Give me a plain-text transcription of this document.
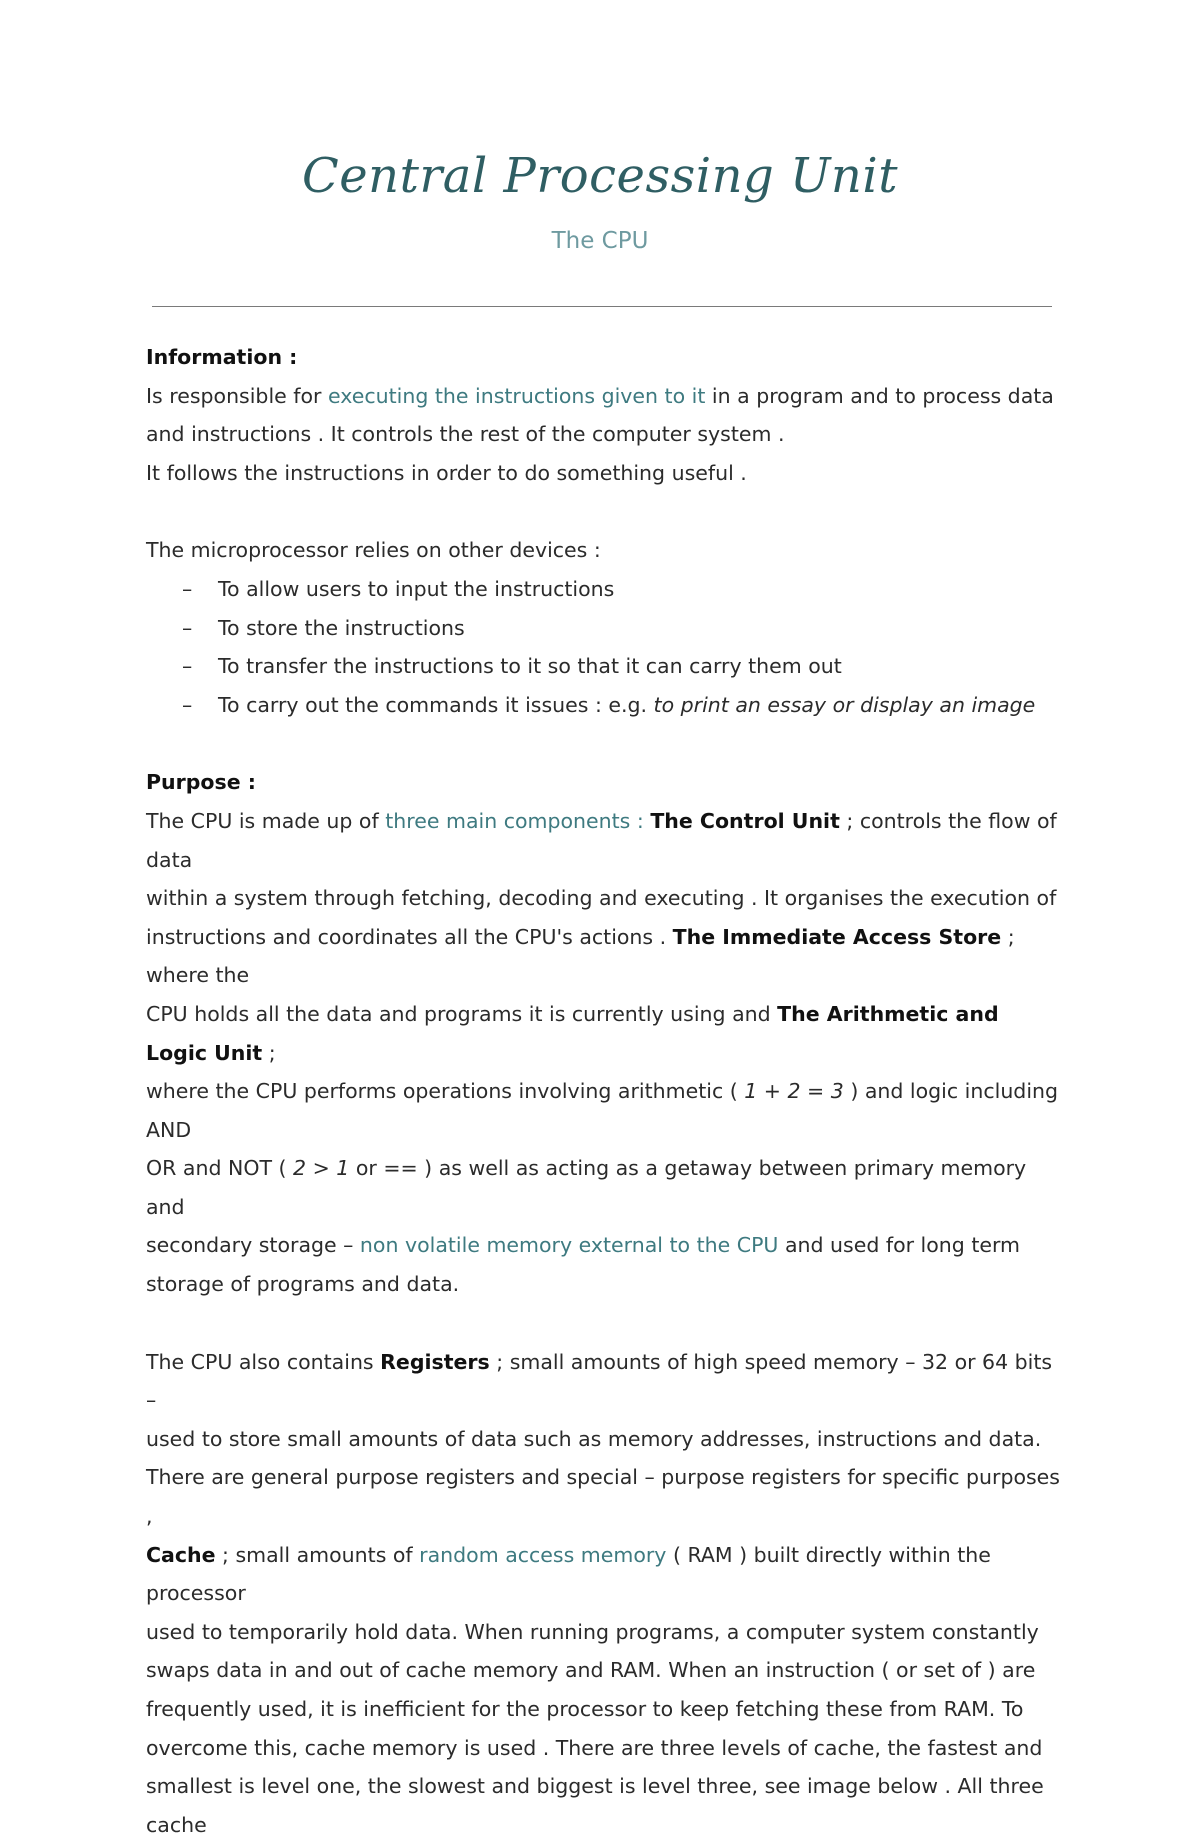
Central Processing Unit
The CPU

Information :

Is responsible for executing the instructions given to it in a program and to process data

and instructions . It controls the rest of the computer system .

It follows the instructions in order to do something useful .

The microprocessor relies on other devices :

– To allow users to input the instructions
– To store the instructions
– To transfer the instructions to it so that it can carry them out
– To carry out the commands it issues : e.g. to print an essay or display an image

Purpose :

The CPU is made up of three main components : The Control Unit ; controls the flow of data

within a system through fetching, decoding and executing . It organises the execution of

instructions and coordinates all the CPU's actions . The Immediate Access Store ; where the

CPU holds all the data and programs it is currently using and The Arithmetic and Logic Unit ;

where the CPU performs operations involving arithmetic ( 1 + 2 = 3 ) and logic including AND

OR and NOT ( 2 > 1 or == ) as well as acting as a getaway between primary memory and

secondary storage – non volatile memory external to the CPU and used for long term

storage of programs and data.

The CPU also contains Registers ; small amounts of high speed memory – 32 or 64 bits –

used to store small amounts of data such as memory addresses, instructions and data.

There are general purpose registers and special – purpose registers for specific purposes ,

Cache ; small amounts of random access memory ( RAM ) built directly within the processor

used to temporarily hold data. When running programs, a computer system constantly

swaps data in and out of cache memory and RAM. When an instruction ( or set of ) are

frequently used, it is inefficient for the processor to keep fetching these from RAM. To

overcome this, cache memory is used . There are three levels of cache, the fastest and

smallest is level one, the slowest and biggest is level three, see image below . All three cache
